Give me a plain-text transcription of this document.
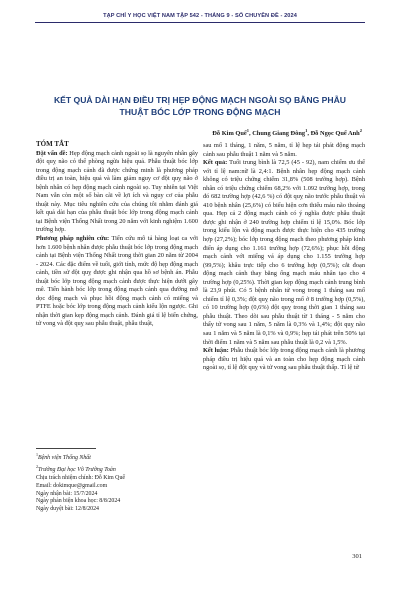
TẠP CHÍ Y HỌC VIỆT NAM TẬP 542 - THÁNG 9 - SỐ CHUYÊN ĐỀ - 2024
KẾT QUẢ DÀI HẠN ĐIỀU TRỊ HẸP ĐỘNG MẠCH NGOÀI SỌ BẰNG PHẪU THUẬT BÓC LỚP TRONG ĐỘNG MẠCH
Đỗ Kim Quế$^1$, Chung Giang Đông$^1$, Đỗ Ngọc Quế Anh$^2$
TÓM TẮT

Đặt vấn đề: Hẹp động mạch cảnh ngoài sọ là nguyên nhân gây đột quỵ não có thể phòng ngừa hiệu quả. Phẫu thuật bóc lớp trong động mạch cảnh đã được chứng minh là phương pháp điều trị an toàn, hiệu quả và làm giảm nguy cơ đột quỵ não ở bệnh nhân có hẹp động mạch cảnh ngoài sọ. Tuy nhiên tại Việt Nam vẫn còn một số bàn cãi về lợi ích và nguy cơ của phẫu thuật này. Mục tiêu nghiên cứu của chúng tôi nhằm đánh giá kết quả dài hạn của phẫu thuật bóc lớp trong động mạch cảnh tại Bệnh viện Thống Nhất trong 20 năm với kinh nghiệm 1.600 trường hợp.

Phương pháp nghiên cứu: Tiến cứu mô tả hàng loạt ca với hơn 1.600 bệnh nhân được phẫu thuật bóc lớp trong động mạch cảnh tại Bệnh viện Thống Nhất trong thời gian 20 năm từ 2004 - 2024. Các đặc điểm về tuổi, giới tính, mức độ hẹp động mạch cảnh, tiền sử đột quỵ được ghi nhận qua hồ sơ bệnh án. Phẫu thuật bóc lớp trong động mạch cảnh được thực hiện dưới gây mê. Tiến hành bóc lớp trong động mạch cảnh qua đường mở dọc động mạch và phục hồi động mạch cảnh có miếng và PTFE hoặc bóc lớp trong động mạch cảnh kiểu lộn ngược. Ghi nhận thời gian kẹp động mạch cảnh. Đánh giá tỉ lệ biến chứng, tử vong và đột quỵ sau phẫu thuật, phẫu thuật,

sau mổ 1 tháng, 1 năm, 5 năm, tỉ lệ hẹp tái phát động mạch cảnh sau phẫu thuật 1 năm và 5 năm.

Kết quả: Tuổi trung bình là 72,5 (45 - 92), nam chiếm ưu thế với tỉ lệ nam:nữ là 2,4:1. Bệnh nhân hẹp động mạch cảnh không có triệu chứng chiếm 31,8% (508 trường hợp). Bệnh nhân có triệu chứng chiếm 68,2% với 1.092 trường hợp, trong đó 682 trường hợp (42,6 %) có đột quỵ não trước phẫu thuật và 410 bệnh nhân (25,6%) có biểu hiện cơn thiếu máu não thoáng qua. Hẹp cả 2 động mạch cảnh có ý nghĩa được phẫu thuật được ghi nhận ở 240 trường hợp chiếm tỉ lệ 15,0%. Bóc lớp trong kiểu lộn và động mạch được thực hiện cho 435 trường hợp (27,2%); bóc lớp trong động mạch theo phương pháp kinh điển áp dụng cho 1.161 trường hợp (72,6%); phục hồi động mạch cảnh với miếng vá áp dụng cho 1.155 trường hợp (99,5%); khâu trực tiếp cho 6 trường hợp (0,5%); cắt đoạn động mạch cảnh thay bằng ống mạch máu nhân tạo cho 4 trường hợp (0,25%). Thời gian kẹp động mạch cảnh trung bình là 23,9 phút. Có 5 bệnh nhân tử vong trong 1 tháng sau mổ chiếm tỉ lệ 0,3%; đột quỵ não trong mổ ở 8 trường hợp (0,5%), có 10 trường hợp (0,6%) đột quỵ trong thời gian 1 tháng sau phẫu thuật. Theo dõi sau phẫu thuật từ 1 tháng - 5 năm cho thấy tử vong sau 1 năm, 5 năm là 0,3% và 1,4%; đột quỵ não sau 1 năm và 5 năm là 0,1% và 0,9%; hẹp tái phát trên 50% tại thời điểm 1 năm và 5 năm sau phẫu thuật là 0,2 và 1,5%.

Kết luận: Phẫu thuật bóc lớp trong động mạch cảnh là phương pháp điều trị hiệu quả và an toàn cho hẹp động mạch cảnh ngoài sọ, tỉ lệ đột quỵ và tử vong sau phẫu thuật thấp. Tỉ lệ tử

$^1$Bệnh viện Thống Nhất

$^2$Trường Đại học Võ Trường Toản

Chịu trách nhiệm chính: Đỗ Kim Quế

Email: dokimque@gmail.com

Ngày nhận bài: 15/7/2024

Ngày phản biện khoa học: 8/8/2024

Ngày duyệt bài: 12/8/2024

301
